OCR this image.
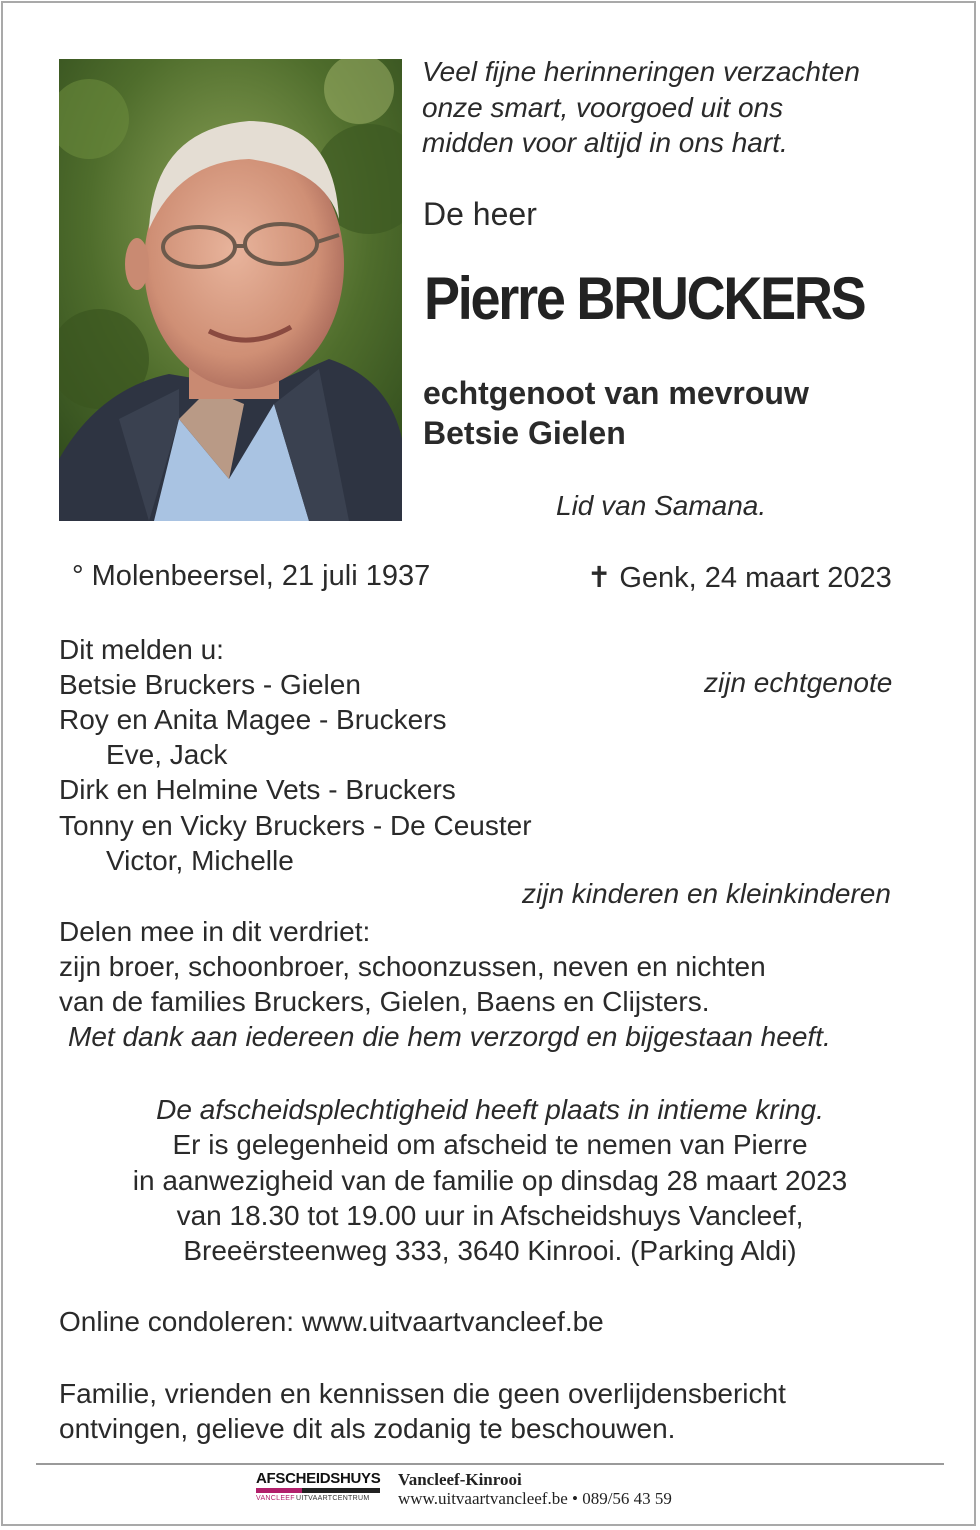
Veel fijne herinneringen verzachten
onze smart, voorgoed uit ons
midden voor altijd in ons hart.
De heer
Pierre BRUCKERS
echtgenoot van mevrouw
Betsie Gielen
Lid van Samana.
° Molenbeersel, 21 juli 1937	✝ Genk, 24 maart 2023
Dit melden u:
Betsie Bruckers - Gielen	zijn echtgenote
Roy en Anita Magee - Bruckers
Eve, Jack
Dirk en Helmine Vets - Bruckers
Tonny en Vicky Bruckers - De Ceuster
Victor, Michelle
zijn kinderen en kleinkinderen
Delen mee in dit verdriet:
zijn broer, schoonbroer, schoonzussen, neven en nichten
van de families Bruckers, Gielen, Baens en Clijsters.
Met dank aan iedereen die hem verzorgd en bijgestaan heeft.
De afscheidsplechtigheid heeft plaats in intieme kring.
Er is gelegenheid om afscheid te nemen van Pierre
in aanwezigheid van de familie op dinsdag 28 maart 2023
van 18.30 tot 19.00 uur in Afscheidshuys Vancleef,
Breeërsteenweg 333, 3640 Kinrooi. (Parking Aldi)
Online condoleren: www.uitvaartvancleef.be
Familie, vrienden en kennissen die geen overlijdensbericht
ontvingen, gelieve dit als zodanig te beschouwen.
AFSCHEIDSHUYS
VANCLEEF UITVAARTCENTRUM
Vancleef-Kinrooi
www.uitvaartvancleef.be • 089/56 43 59
